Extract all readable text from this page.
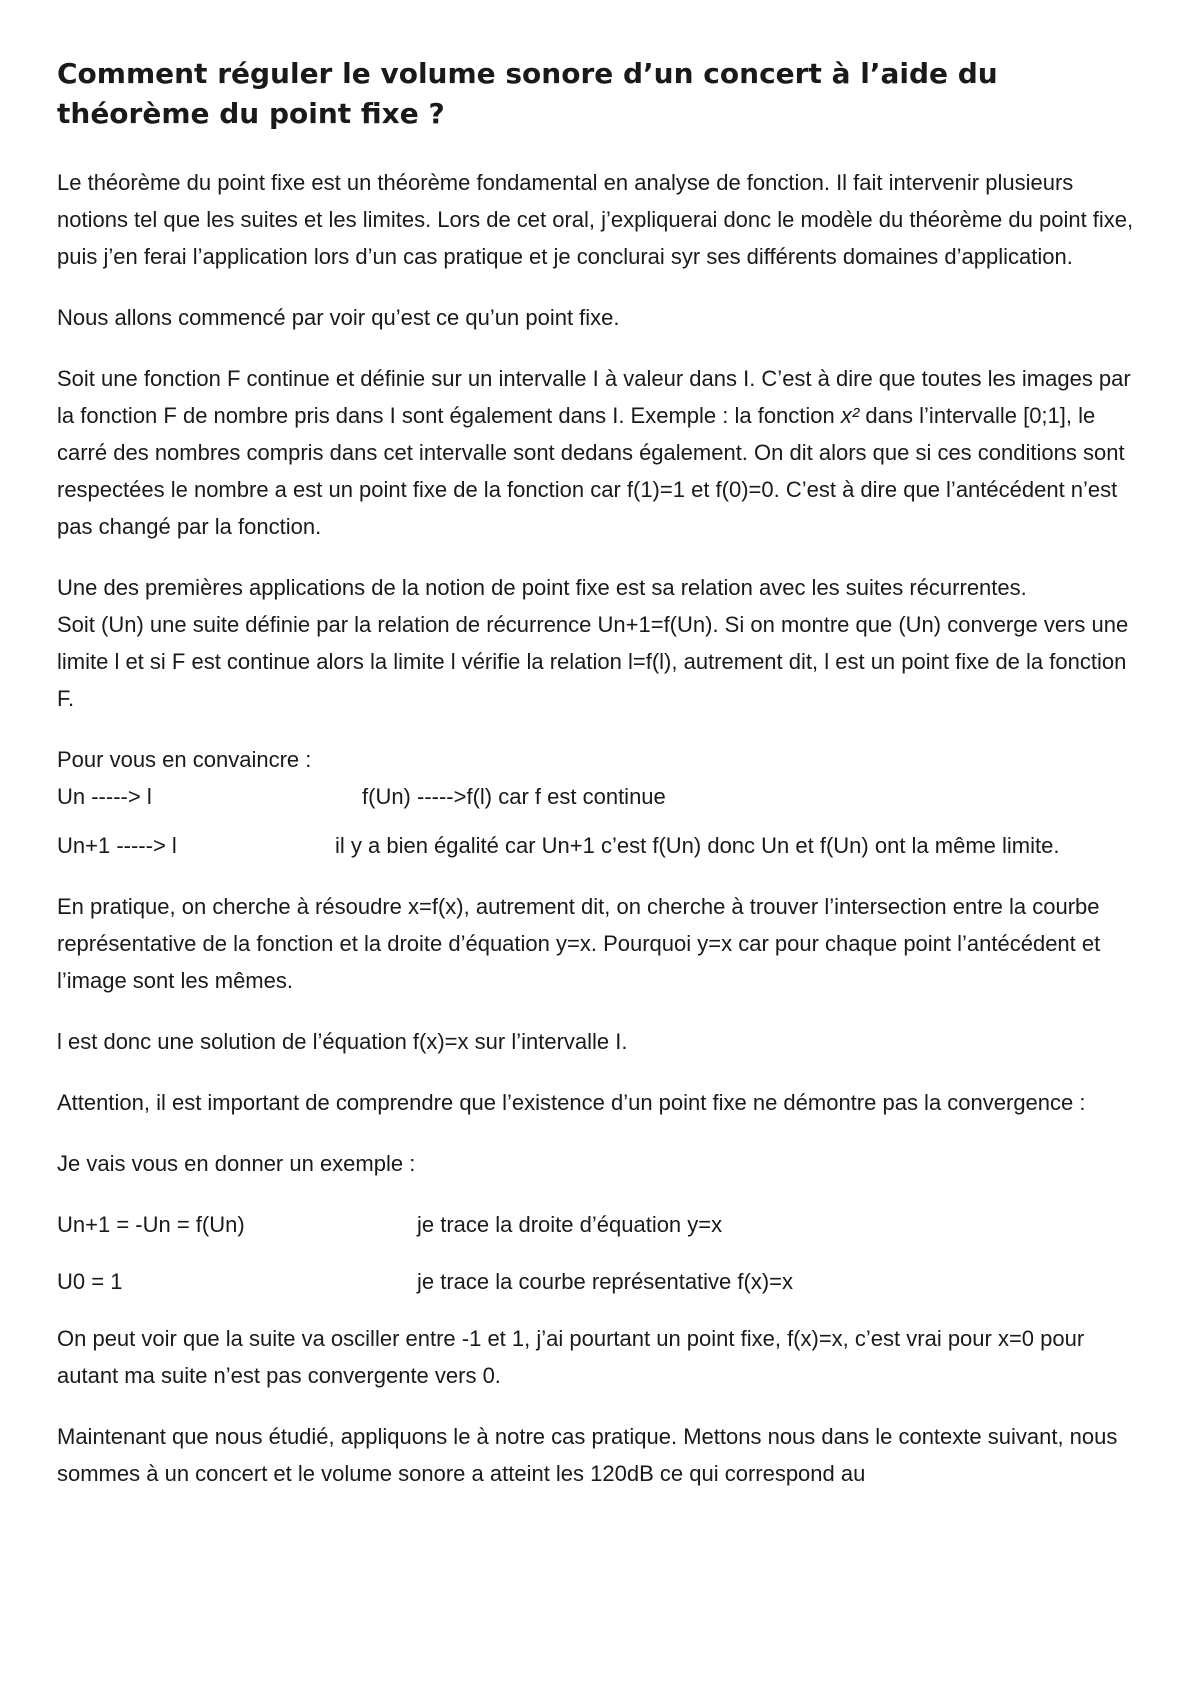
Comment réguler le volume sonore d’un concert à l’aide du théorème du point fixe ?

Le théorème du point fixe est un théorème fondamental en analyse de fonction. Il fait intervenir plusieurs notions tel que les suites et les limites. Lors de cet oral, j’expliquerai donc le modèle du théorème du point fixe, puis j’en ferai l’application lors d’un cas pratique et je conclurai syr ses différents domaines d’application.

Nous allons commencé par voir qu’est ce qu’un point fixe.

Soit une fonction F continue et définie sur un intervalle I à valeur dans I. C’est à dire que toutes les images par la fonction F de nombre pris dans I sont également dans I. Exemple : la fonction x² dans l’intervalle [0;1], le carré des nombres compris dans cet intervalle sont dedans également. On dit alors que si ces conditions sont respectées le nombre a est un point fixe de la fonction car f(1)=1 et f(0)=0. C’est à dire que l’antécédent n’est pas changé par la fonction.

Une des premières applications de la notion de point fixe est sa relation avec les suites récurrentes.

Soit (Un) une suite définie par la relation de récurrence Un+1=f(Un). Si on montre que (Un) converge vers une limite l et si F est continue alors la limite l vérifie la relation l=f(l), autrement dit, l est un point fixe de la fonction F.

Pour vous en convaincre :

Un -----> l	f(Un) ----->f(l) car f est continue
Un+1 -----> l	il y a bien égalité car Un+1 c’est f(Un) donc Un et f(Un) ont la même limite.

En pratique, on cherche à résoudre x=f(x), autrement dit, on cherche à trouver l’intersection entre la courbe représentative de la fonction et la droite d’équation y=x. Pourquoi y=x car pour chaque point l’antécédent et l’image sont les mêmes.

l est donc une solution de l’équation f(x)=x sur l’intervalle I.

Attention, il est important de comprendre que l’existence d’un point fixe ne démontre pas la convergence :

Je vais vous en donner un exemple :

Un+1 = -Un = f(Un)	je trace la droite d’équation y=x
U0 = 1	je trace la courbe représentative f(x)=x

On peut voir que la suite va osciller entre -1 et 1, j’ai pourtant un point fixe, f(x)=x, c’est vrai pour x=0 pour autant ma suite n’est pas convergente vers 0.

Maintenant que nous étudié, appliquons le à notre cas pratique. Mettons nous dans le contexte suivant, nous sommes à un concert et le volume sonore a atteint les 120dB ce qui correspond au
